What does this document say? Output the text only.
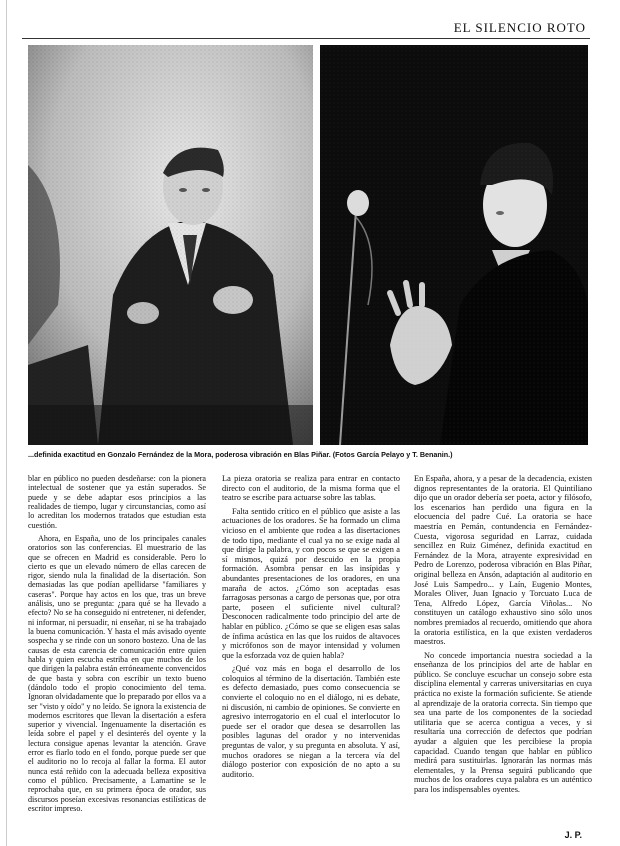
EL SILENCIO ROTO
...definida exactitud en Gonzalo Fernández de la Mora, poderosa vibración en Blas Piñar. (Fotos García Pelayo y T. Benanin.)

blar en público no pueden desdeñarse: con la pionera intelectual de sostener que ya están superados. Se puede y se debe adaptar esos principios a las realidades de tiempo, lugar y circunstancias, como así lo acreditan los modernos tratados que estudian esta cuestión.

Ahora, en España, uno de los principales canales oratorios son las conferencias. El muestrario de las que se ofrecen en Madrid es considerable. Pero lo cierto es que un elevado número de ellas carecen de rigor, siendo nula la finalidad de la disertación. Son demasiadas las que podían apellidarse "familiares y caseras". Porque hay actos en los que, tras un breve análisis, uno se pregunta: ¿para qué se ha llevado a efecto? No se ha conseguido ni entretener, ni defender, ni informar, ni persuadir, ni enseñar, ni se ha trabajado la buena comunicación. Y hasta el más avisado oyente sospecha y se rinde con un sonoro bostezo. Una de las causas de esta carencia de comunicación entre quien habla y quien escucha estriba en que muchos de los que dirigen la palabra están erróneamente convencidos de que basta y sobra con escribir un texto bueno (dándolo todo el propio conocimiento del tema. Ignoran olvidadamente que lo preparado por ellos va a ser "visto y oído" y no leído. Se ignora la existencia de modernos escritores que llevan la disertación a esfera superior y vivencial. Ingenuamente la disertación es leída sobre el papel y el desinterés del oyente y la lectura consigue apenas levantar la atención. Grave error es fiarlo todo en el fondo, porque puede ser que el auditorio no lo recoja al fallar la forma. El autor nunca está reñido con la adecuada belleza expositiva como el público. Precisamente, a Lamartine se le reprochaba que, en su primera época de orador, sus discursos poseían excesivas resonancias estilísticas de escritor impreso.

La pieza oratoria se realiza para entrar en contacto directo con el auditorio, de la misma forma que el teatro se escribe para actuarse sobre las tablas.

Falta sentido crítico en el público que asiste a las actuaciones de los oradores. Se ha formado un clima vicioso en el ambiente que rodea a las disertaciones de todo tipo, mediante el cual ya no se exige nada al que dirige la palabra, y con pocos se que se exigen a sí mismos, quizá por descuido en la propia formación. Asombra pensar en las insípidas y abundantes presentaciones de los oradores, en una maraña de actos. ¿Cómo son aceptadas esas farragosas personas a cargo de personas que, por otra parte, poseen el suficiente nivel cultural? Desconocen radicalmente todo principio del arte de hablar en público. ¿Cómo se que se eligen esas salas de ínfima acústica en las que los ruidos de altavoces y micrófonos son de mayor intensidad y volumen que la esforzada voz de quien habla?

¿Qué voz más en boga el desarrollo de los coloquios al término de la disertación. También este es defecto demasiado, pues como consecuencia se convierte el coloquio no en el diálogo, ni es debate, ni discusión, ni cambio de opiniones. Se convierte en agresivo interrogatorio en el cual el interlocutor lo puede ser el orador que desea se desarrollen las posibles lagunas del orador y no intervenidas preguntas de valor, y su pregunta en absoluta. Y así, muchos oradores se niegan a la tercera vía del diálogo posterior con exposición de no apto a su auditorio.

En España, ahora, y a pesar de la decadencia, existen dignos representantes de la oratoria. El Quintiliano dijo que un orador debería ser poeta, actor y filósofo, los escenarios han perdido una figura en la elocuencia del padre Cué. La oratoria se hace maestría en Pemán, contundencia en Fernández-Cuesta, vigorosa seguridad en Larraz, cuidada sencillez en Ruiz Giménez, definida exactitud en Fernández de la Mora, atrayente expresividad en Pedro de Lorenzo, poderosa vibración en Blas Piñar, original belleza en Ansón, adaptación al auditorio en José Luis Sampedro... y Laín, Eugenio Montes, Morales Oliver, Juan Ignacio y Torcuato Luca de Tena, Alfredo López, García Viñolas... No constituyen un catálogo exhaustivo sino sólo unos nombres premiados al recuerdo, omitiendo que ahora la oratoria estilística, en la que existen verdaderos maestros.

No concede importancia nuestra sociedad a la enseñanza de los principios del arte de hablar en público. Se concluye escuchar un consejo sobre esta disciplina elemental y carreras universitarias en cuya práctica no existe la formación suficiente. Se atiende al aprendizaje de la oratoria correcta. Sin tiempo que sea una parte de los componentes de la sociedad utilitaria que se acerca contigua a veces, y si resultaría una corrección de defectos que podrían ayudar a alguien que les percibiese la propia capacidad. Cuando tengan que hablar en público medirá para sustituirlas. Ignorarán las normas más elementales, y la Prensa seguirá publicando que muchos de los oradores cuya palabra es un auténtico para los indispensables oyentes.

J. P.
